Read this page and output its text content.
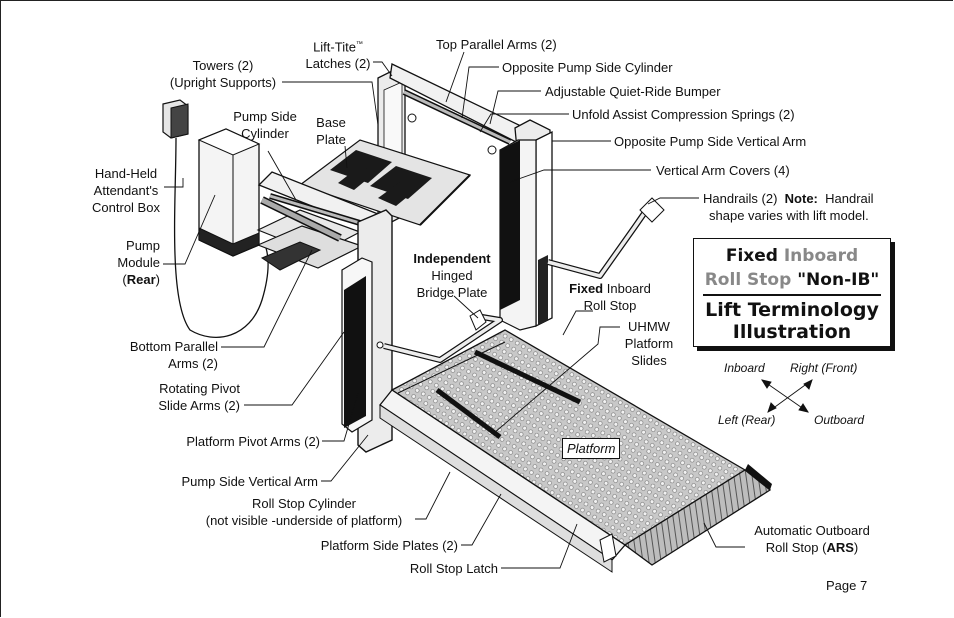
Towers (2)
(Upright Supports)
Lift-Tite™
Latches (2)
Top Parallel Arms (2)
Opposite Pump Side Cylinder
Adjustable Quiet-Ride Bumper
Unfold Assist Compression Springs (2)
Opposite Pump Side Vertical Arm
Vertical Arm Covers (4)
Handrails (2) Note: Handrail
shape varies with lift model.
Pump Side
Cylinder
Base
Plate
Hand-Held
Attendant's
Control Box
Pump
Module
(Rear)
Independent
Hinged
Bridge Plate	Fixed Inboard
Roll Stop
UHMW
Platform
Slides
Bottom Parallel
Arms (2)
Rotating Pivot
Slide Arms (2)
Platform Pivot Arms (2)
Pump Side Vertical Arm
Roll Stop Cylinder
(not visible -underside of platform)
Platform Side Plates (2)
Roll Stop Latch
Automatic Outboard
Roll Stop (ARS)
Platform
Fixed Inboard
Roll Stop "Non-IB"
Lift Terminology
Illustration
Inboard Right (Front)
Left (Rear)	Outboard
Page 7
